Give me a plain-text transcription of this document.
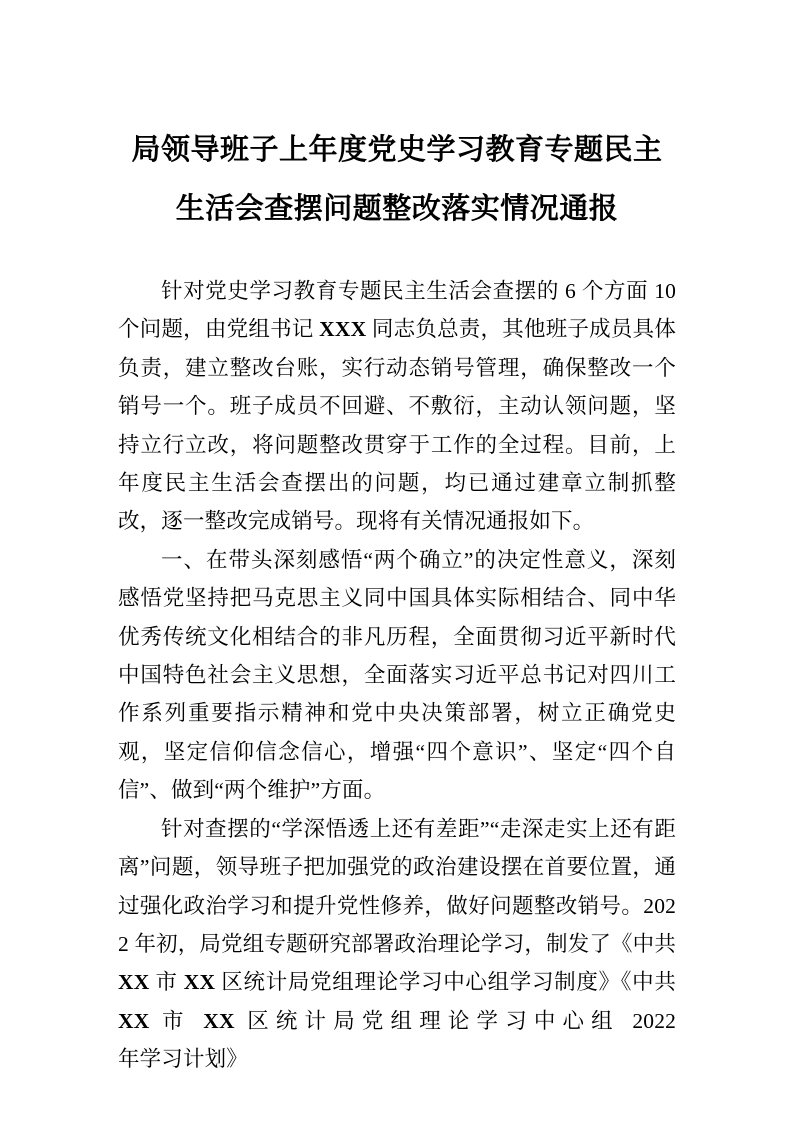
局领导班子上年度党史学习教育专题民主
生活会查摆问题整改落实情况通报

针对党史学习教育专题民主生活会查摆的 6 个方面 10 个问题，由党组书记 XXX 同志负总责，其他班子成员具体负责，建立整改台账，实行动态销号管理，确保整改一个销号一个。班子成员不回避、不敷衍，主动认领问题，坚持立行立改，将问题整改贯穿于工作的全过程。目前，上年度民主生活会查摆出的问题，均已通过建章立制抓整改，逐一整改完成销号。现将有关情况通报如下。

一、在带头深刻感悟“两个确立”的决定性意义，深刻感悟党坚持把马克思主义同中国具体实际相结合、同中华优秀传统文化相结合的非凡历程，全面贯彻习近平新时代中国特色社会主义思想，全面落实习近平总书记对四川工作系列重要指示精神和党中央决策部署，树立正确党史观，坚定信仰信念信心，增强“四个意识”、坚定“四个自信”、做到“两个维护”方面。

针对查摆的“学深悟透上还有差距”“走深走实上还有距离”问题，领导班子把加强党的政治建设摆在首要位置，通过强化政治学习和提升党性修养，做好问题整改销号。2022 年初，局党组专题研究部署政治理论学习，制发了《中共 XX 市 XX 区统计局党组理论学习中心组学习制度》《中共 XX 市 XX 区统计局党组理论学习中心组 2022 年学习计划》
